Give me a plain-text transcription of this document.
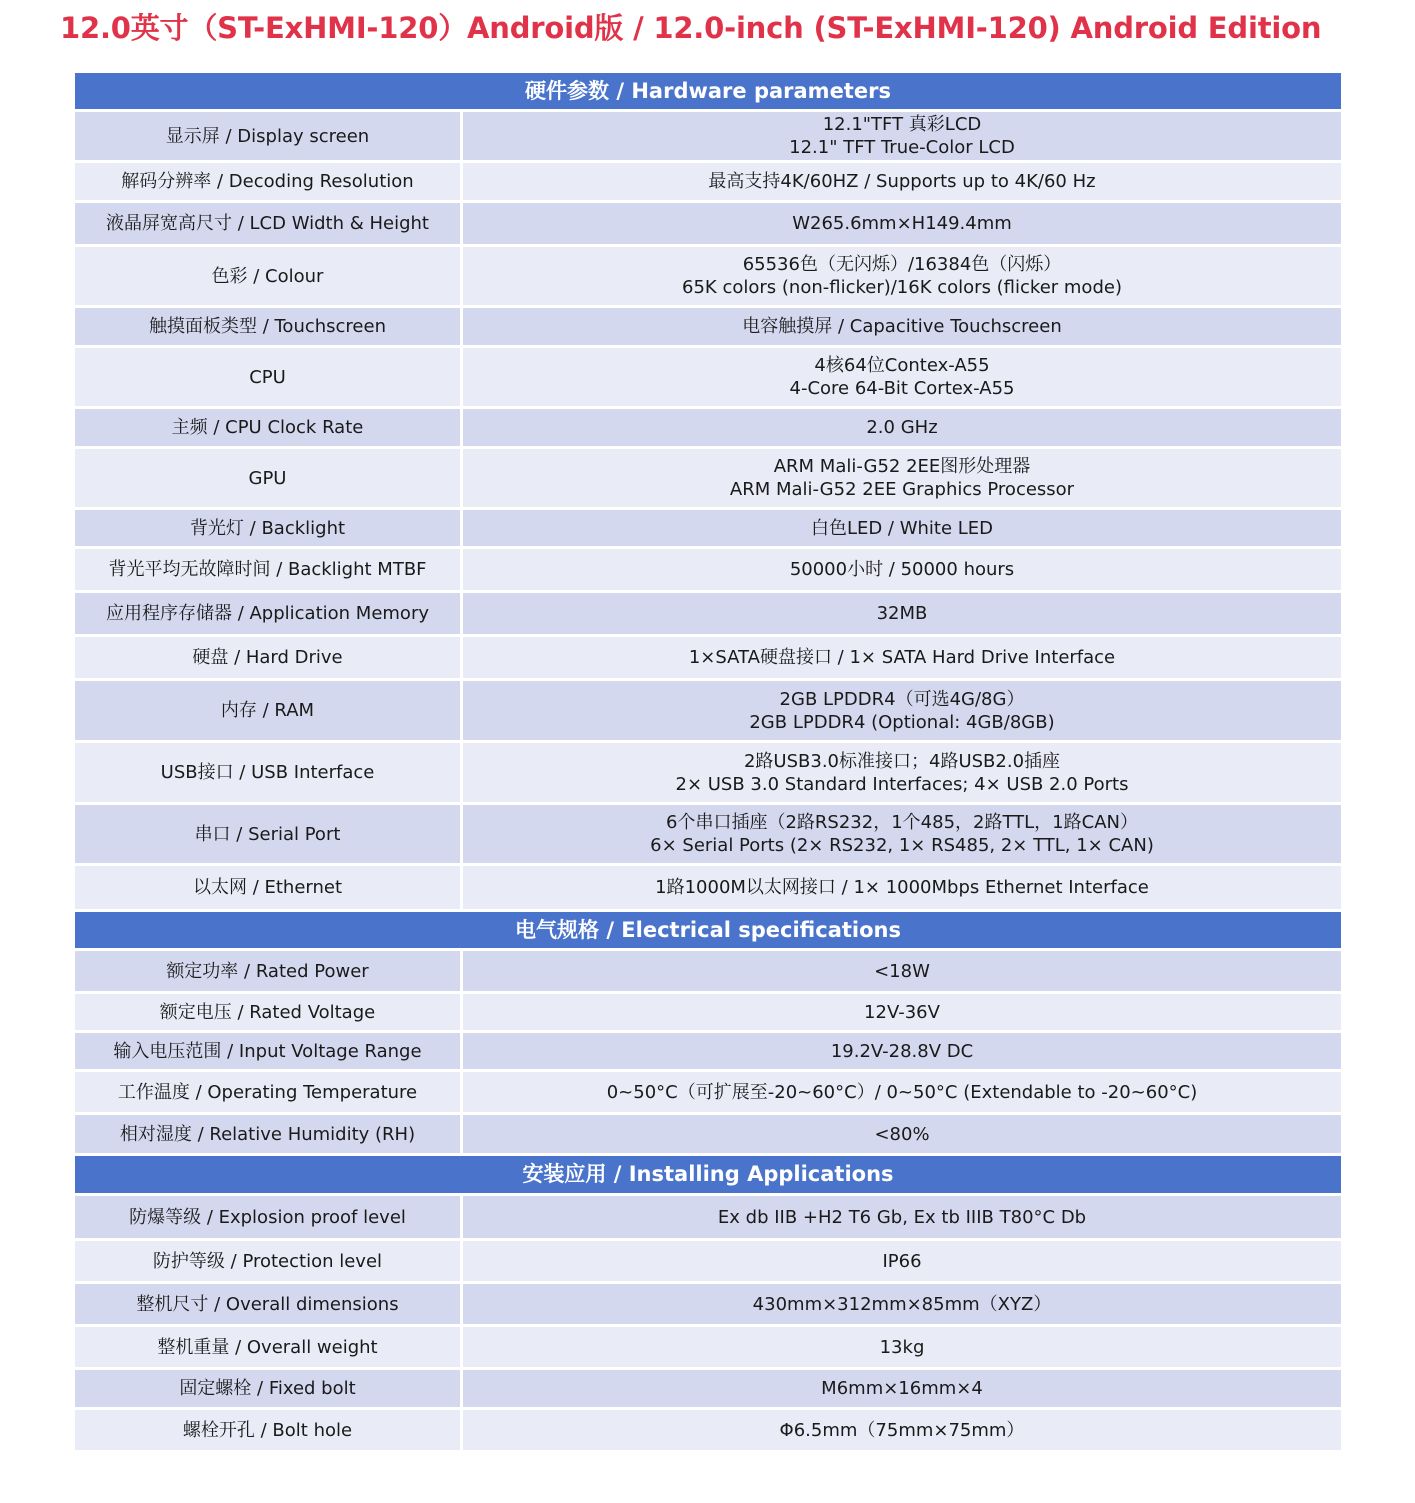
12.0英寸（ST-ExHMI-120）Android版 / 12.0-inch (ST-ExHMI-120) Android Edition
硬件参数 / Hardware parameters	
显示屏 / Display screen	12.1"TFT 真彩LCD
12.1" TFT True-Color LCD

解码分辨率 / Decoding Resolution	最高支持4K/60HZ / Supports up to 4K/60 Hz

液晶屏宽高尺寸 / LCD Width & Height	W265.6mm×H149.4mm

色彩 / Colour	65536色（无闪烁）/16384色（闪烁）
65K colors (non-flicker)/16K colors (flicker mode)

触摸面板类型 / Touchscreen	电容触摸屏 / Capacitive Touchscreen

CPU	4核64位Contex-A55
4-Core 64-Bit Cortex-A55

主频 / CPU Clock Rate	2.0 GHz

GPU	ARM Mali-G52 2EE图形处理器
ARM Mali-G52 2EE Graphics Processor

背光灯 / Backlight	白色LED / White LED

背光平均无故障时间 / Backlight MTBF	50000小时 / 50000 hours

应用程序存储器 / Application Memory	32MB

硬盘 / Hard Drive	1×SATA硬盘接口 / 1× SATA Hard Drive Interface

内存 / RAM	2GB LPDDR4（可选4G/8G）
2GB LPDDR4 (Optional: 4GB/8GB)

USB接口 / USB Interface	2路USB3.0标准接口；4路USB2.0插座
2× USB 3.0 Standard Interfaces; 4× USB 2.0 Ports

串口 / Serial Port	6个串口插座（2路RS232，1个485，2路TTL，1路CAN）
6× Serial Ports (2× RS232, 1× RS485, 2× TTL, 1× CAN)

以太网 / Ethernet	1路1000M以太网接口 / 1× 1000Mbps Ethernet Interface

电气规格 / Electrical specifications	
额定功率 / Rated Power	<18W

额定电压 / Rated Voltage	12V-36V

输入电压范围 / Input Voltage Range	19.2V-28.8V DC

工作温度 / Operating Temperature	0~50°C（可扩展至-20~60°C）/ 0~50°C (Extendable to -20~60°C)

相对湿度 / Relative Humidity (RH)	<80%

安装应用 / Installing Applications	
防爆等级 / Explosion proof level	Ex db IIB +H2 T6 Gb, Ex tb IIIB T80°C Db

防护等级 / Protection level	IP66

整机尺寸 / Overall dimensions	430mm×312mm×85mm（XYZ）

整机重量 / Overall weight	13kg

固定螺栓 / Fixed bolt	M6mm×16mm×4

螺栓开孔 / Bolt hole	Φ6.5mm（75mm×75mm）
